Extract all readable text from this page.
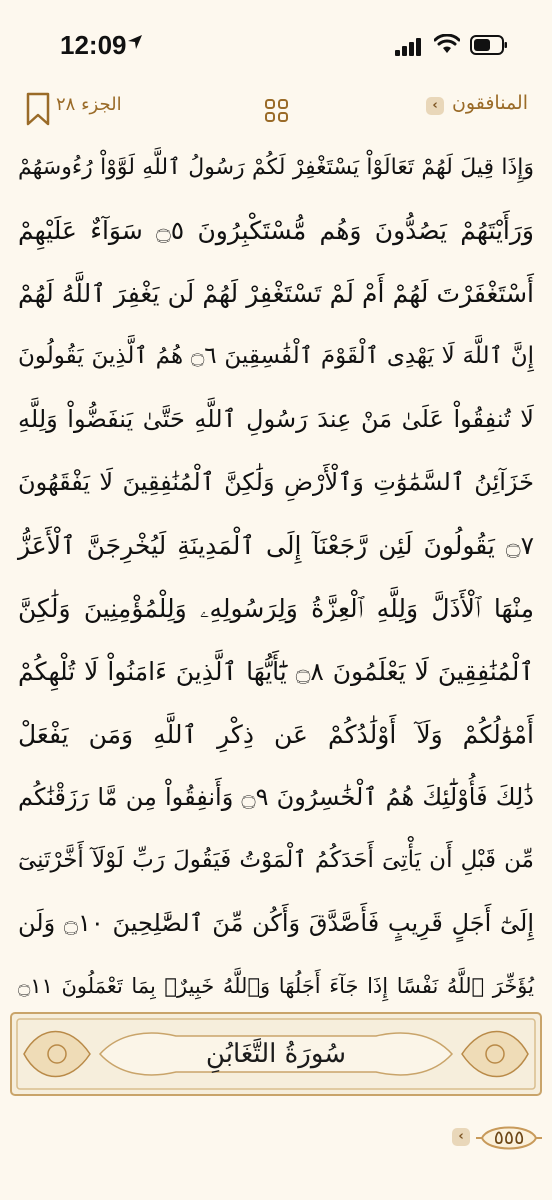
12:09
المنافقون
‹
الجزء ٢٨
وَإِذَا قِيلَ لَهُمْ تَعَالَوْاْ يَسْتَغْفِرْ لَكُمْ رَسُولُ ٱللَّهِ لَوَّوْاْ رُءُوسَهُمْ
وَرَأَيْتَهُمْ يَصُدُّونَ وَهُم مُّسْتَكْبِرُونَ ۝٥ سَوَآءٌ عَلَيْهِمْ
أَسْتَغْفَرْتَ لَهُمْ أَمْ لَمْ تَسْتَغْفِرْ لَهُمْ لَن يَغْفِرَ ٱللَّهُ لَهُمْ
إِنَّ ٱللَّهَ لَا يَهْدِى ٱلْقَوْمَ ٱلْفَٰسِقِينَ ۝٦ هُمُ ٱلَّذِينَ يَقُولُونَ
لَا تُنفِقُواْ عَلَىٰ مَنْ عِندَ رَسُولِ ٱللَّهِ حَتَّىٰ يَنفَضُّواْ وَلِلَّهِ
خَزَآئِنُ ٱلسَّمَٰوَٰتِ وَٱلْأَرْضِ وَلَٰكِنَّ ٱلْمُنَٰفِقِينَ لَا يَفْقَهُونَ
۝٧ يَقُولُونَ لَئِن رَّجَعْنَآ إِلَى ٱلْمَدِينَةِ لَيُخْرِجَنَّ ٱلْأَعَزُّ
مِنْهَا ٱلْأَذَلَّ وَلِلَّهِ ٱلْعِزَّةُ وَلِرَسُولِهِۦ وَلِلْمُؤْمِنِينَ وَلَٰكِنَّ
ٱلْمُنَٰفِقِينَ لَا يَعْلَمُونَ ۝٨ يَٰٓأَيُّهَا ٱلَّذِينَ ءَامَنُواْ لَا تُلْهِكُمْ
أَمْوَٰلُكُمْ وَلَآ أَوْلَٰدُكُمْ عَن ذِكْرِ ٱللَّهِ وَمَن يَفْعَلْ
ذَٰلِكَ فَأُوْلَٰٓئِكَ هُمُ ٱلْخَٰسِرُونَ ۝٩ وَأَنفِقُواْ مِن مَّا رَزَقْنَٰكُم
مِّن قَبْلِ أَن يَأْتِىَ أَحَدَكُمُ ٱلْمَوْتُ فَيَقُولَ رَبِّ لَوْلَآ أَخَّرْتَنِىٓ
إِلَىٰٓ أَجَلٍ قَرِيبٍ فَأَصَّدَّقَ وَأَكُن مِّنَ ٱلصَّٰلِحِينَ ۝١٠ وَلَن
يُؤَخِّرَ ٱللَّهُ نَفْسًا إِذَا جَآءَ أَجَلُهَا وَٱللَّهُ خَبِيرٌۢ بِمَا تَعْمَلُونَ ۝١١
سُورَةُ التَّغَابُنِ
‹	٥٥٥
